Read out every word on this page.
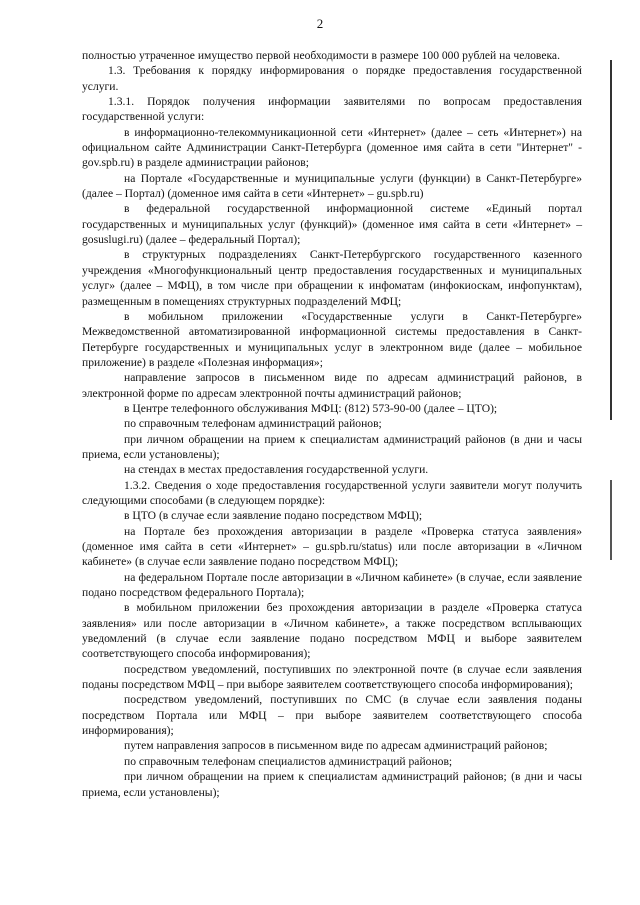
2

полностью утраченное имущество первой необходимости в размере 100 000 рублей на человека.

1.3. Требования к порядку информирования о порядке предоставления государственной услуги.

1.3.1. Порядок получения информации заявителями по вопросам предоставления государственной услуги:

в информационно-телекоммуникационной сети «Интернет» (далее – сеть «Интернет») на официальном сайте Администрации Санкт-Петербурга (доменное имя сайта в сети "Интернет" - gov.spb.ru) в разделе администрации районов;

на Портале «Государственные и муниципальные услуги (функции) в Санкт-Петербурге» (далее – Портал) (доменное имя сайта в сети «Интернет» – gu.spb.ru)

в федеральной государственной информационной системе «Единый портал государственных и муниципальных услуг (функций)» (доменное имя сайта в сети «Интернет» – gosuslugi.ru) (далее – федеральный Портал);

в структурных подразделениях Санкт-Петербургского государственного казенного учреждения «Многофункциональный центр предоставления государственных и муниципальных услуг» (далее – МФЦ), в том числе при обращении к инфоматам (инфокиоскам, инфопунктам), размещенным в помещениях структурных подразделений МФЦ;

в мобильном приложении «Государственные услуги в Санкт-Петербурге» Межведомственной автоматизированной информационной системы предоставления в Санкт-Петербурге государственных и муниципальных услуг в электронном виде (далее – мобильное приложение) в разделе «Полезная информация»;

направление запросов в письменном виде по адресам администраций районов, в электронной форме по адресам электронной почты администраций районов;

в Центре телефонного обслуживания МФЦ: (812) 573-90-00 (далее – ЦТО);

по справочным телефонам администраций районов;

при личном обращении на прием к специалистам администраций районов (в дни и часы приема, если установлены);

на стендах в местах предоставления государственной услуги.

1.3.2. Сведения о ходе предоставления государственной услуги заявители могут получить следующими способами (в следующем порядке):

в ЦТО (в случае если заявление подано посредством МФЦ);

на Портале без прохождения авторизации в разделе «Проверка статуса заявления» (доменное имя сайта в сети «Интернет» – gu.spb.ru/status) или после авторизации в «Личном кабинете» (в случае если заявление подано посредством МФЦ);

на федеральном Портале после авторизации в «Личном кабинете» (в случае, если заявление подано посредством федерального Портала);

в мобильном приложении без прохождения авторизации в разделе «Проверка статуса заявления» или после авторизации в «Личном кабинете», а также посредством всплывающих уведомлений (в случае если заявление подано посредством МФЦ и выборе заявителем соответствующего способа информирования);

посредством уведомлений, поступивших по электронной почте (в случае если заявления поданы посредством МФЦ – при выборе заявителем соответствующего способа информирования);

посредством уведомлений, поступивших по СМС (в случае если заявления поданы посредством Портала или МФЦ – при выборе заявителем соответствующего способа информирования);

путем направления запросов в письменном виде по адресам администраций районов;

по справочным телефонам специалистов администраций районов;

при личном обращении на прием к специалистам администраций районов; (в дни и часы приема, если установлены);
